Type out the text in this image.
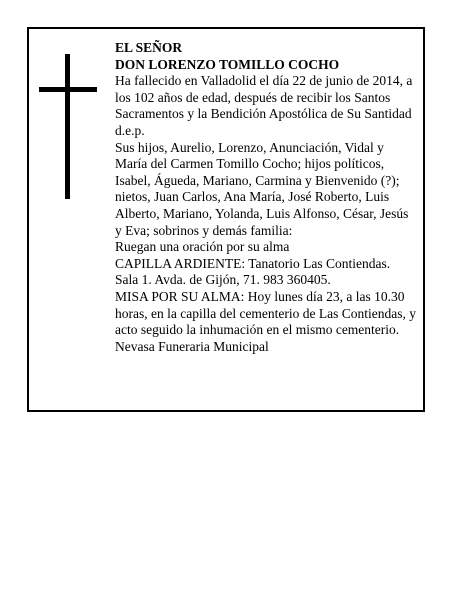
EL SEÑOR
DON LORENZO TOMILLO COCHO
Ha fallecido en Valladolid el día 22 de junio de 2014, a
los 102 años de edad, después de recibir los Santos
Sacramentos y la Bendición Apostólica de Su Santidad
d.e.p.
Sus hijos, Aurelio, Lorenzo, Anunciación, Vidal y
María del Carmen Tomillo Cocho; hijos políticos,
Isabel, Águeda, Mariano, Carmina y Bienvenido (?);
nietos, Juan Carlos, Ana María, José Roberto, Luis
Alberto, Mariano, Yolanda, Luis Alfonso, César, Jesús
y Eva; sobrinos y demás familia:
Ruegan una oración por su alma
CAPILLA ARDIENTE: Tanatorio Las Contiendas.
Sala 1. Avda. de Gijón, 71. 983 360405.
MISA POR SU ALMA: Hoy lunes día 23, a las 10.30
horas, en la capilla del cementerio de Las Contiendas, y
acto seguido la inhumación en el mismo cementerio.
Nevasa Funeraria Municipal
